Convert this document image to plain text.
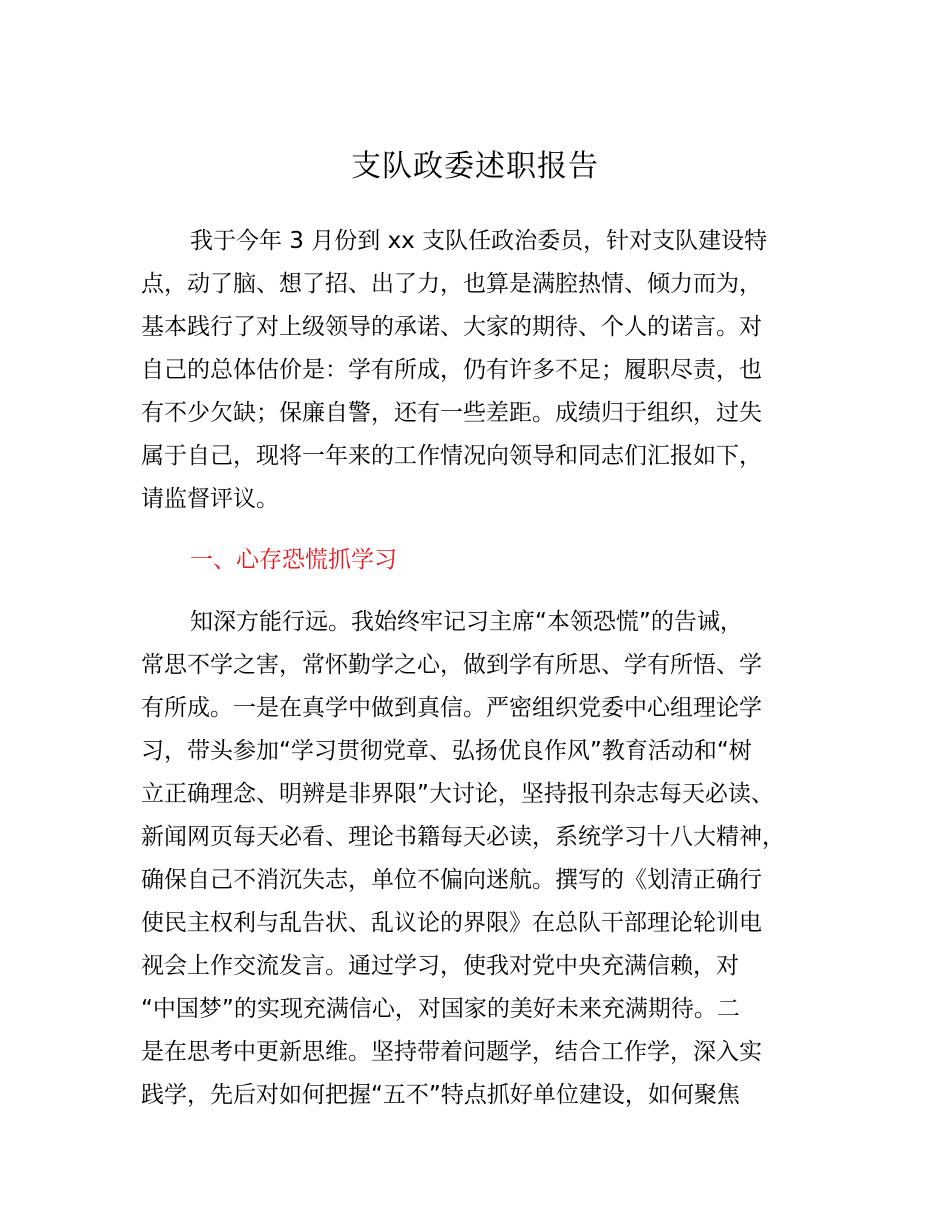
支队政委述职报告
我于今年 3 月份到 xx 支队任政治委员，针对支队建设特
点，动了脑、想了招、出了力，也算是满腔热情、倾力而为，
基本践行了对上级领导的承诺、大家的期待、个人的诺言。对
自己的总体估价是：学有所成，仍有许多不足；履职尽责，也
有不少欠缺；保廉自警，还有一些差距。成绩归于组织，过失
属于自己，现将一年来的工作情况向领导和同志们汇报如下，
请监督评议。
一、心存恐慌抓学习
知深方能行远。我始终牢记习主席“本领恐慌”的告诫，
常思不学之害，常怀勤学之心，做到学有所思、学有所悟、学
有所成。一是在真学中做到真信。严密组织党委中心组理论学
习，带头参加“学习贯彻党章、弘扬优良作风”教育活动和“树
立正确理念、明辨是非界限”大讨论，坚持报刊杂志每天必读、
新闻网页每天必看、理论书籍每天必读，系统学习十八大精神，
确保自己不消沉失志，单位不偏向迷航。撰写的《划清正确行
使民主权利与乱告状、乱议论的界限》在总队干部理论轮训电
视会上作交流发言。通过学习，使我对党中央充满信赖，对
“中国梦”的实现充满信心，对国家的美好未来充满期待。二
是在思考中更新思维。坚持带着问题学，结合工作学，深入实
践学，先后对如何把握“五不”特点抓好单位建设，如何聚焦
